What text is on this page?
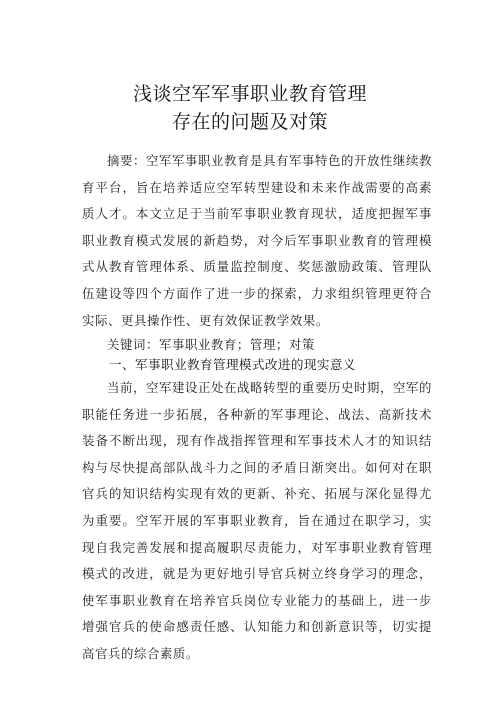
浅谈空军军事职业教育管理
存在的问题及对策
摘要：空军军事职业教育是具有军事特色的开放性继续教育平台，旨在培养适应空军转型建设和未来作战需要的高素质人才。本文立足于当前军事职业教育现状，适度把握军事职业教育模式发展的新趋势，对今后军事职业教育的管理模式从教育管理体系、质量监控制度、奖惩激励政策、管理队伍建设等四个方面作了进一步的探索，力求组织管理更符合实际、更具操作性、更有效保证教学效果。
关键词：军事职业教育；管理；对策
一、军事职业教育管理模式改进的现实意义
当前，空军建设正处在战略转型的重要历史时期，空军的职能任务进一步拓展，各种新的军事理论、战法、高新技术装备不断出现，现有作战指挥管理和军事技术人才的知识结构与尽快提高部队战斗力之间的矛盾日渐突出。如何对在职官兵的知识结构实现有效的更新、补充、拓展与深化显得尤为重要。空军开展的军事职业教育，旨在通过在职学习，实现自我完善发展和提高履职尽责能力，对军事职业教育管理模式的改进，就是为更好地引导官兵树立终身学习的理念，使军事职业教育在培养官兵岗位专业能力的基础上，进一步增强官兵的使命感责任感、认知能力和创新意识等，切实提高官兵的综合素质。
